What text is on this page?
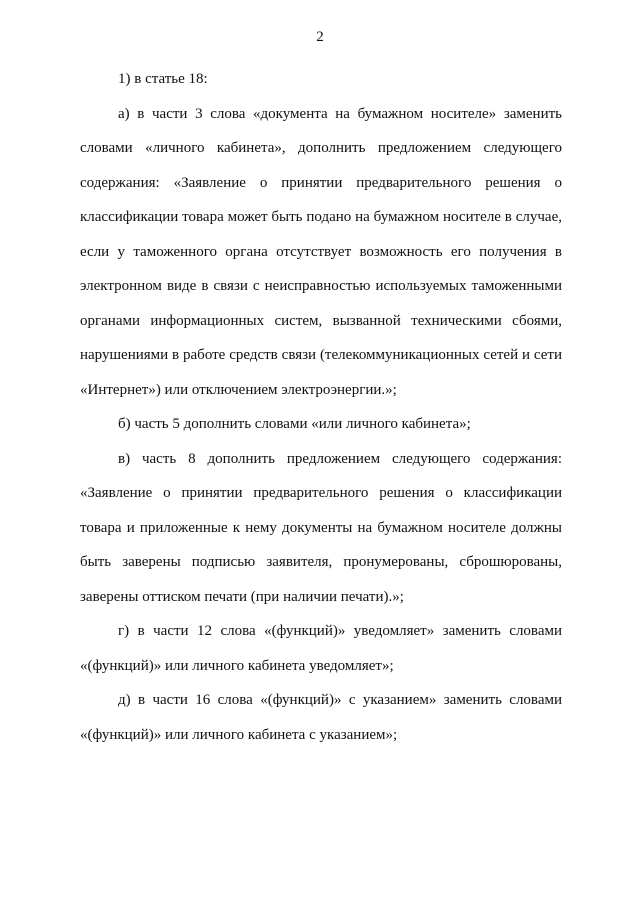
2
1) в статье 18:
а) в части 3 слова «документа на бумажном носителе» заменить
словами «личного кабинета», дополнить предложением следующего
содержания: «Заявление о принятии предварительного решения о
классификации товара может быть подано на бумажном носителе в случае,
если у таможенного органа отсутствует возможность его получения в
электронном виде в связи с неисправностью используемых таможенными
органами информационных систем, вызванной техническими сбоями,
нарушениями в работе средств связи (телекоммуникационных сетей и сети
«Интернет») или отключением электроэнергии.»;
б) часть 5 дополнить словами «или личного кабинета»;
в) часть 8 дополнить предложением следующего содержания:
«Заявление о принятии предварительного решения о классификации
товара и приложенные к нему документы на бумажном носителе должны
быть заверены подписью заявителя, пронумерованы, сброшюрованы,
заверены оттиском печати (при наличии печати).»;
г) в части 12 слова «(функций)» уведомляет» заменить словами
«(функций)» или личного кабинета уведомляет»;
д) в части 16 слова «(функций)» с указанием» заменить словами
«(функций)» или личного кабинета с указанием»;
